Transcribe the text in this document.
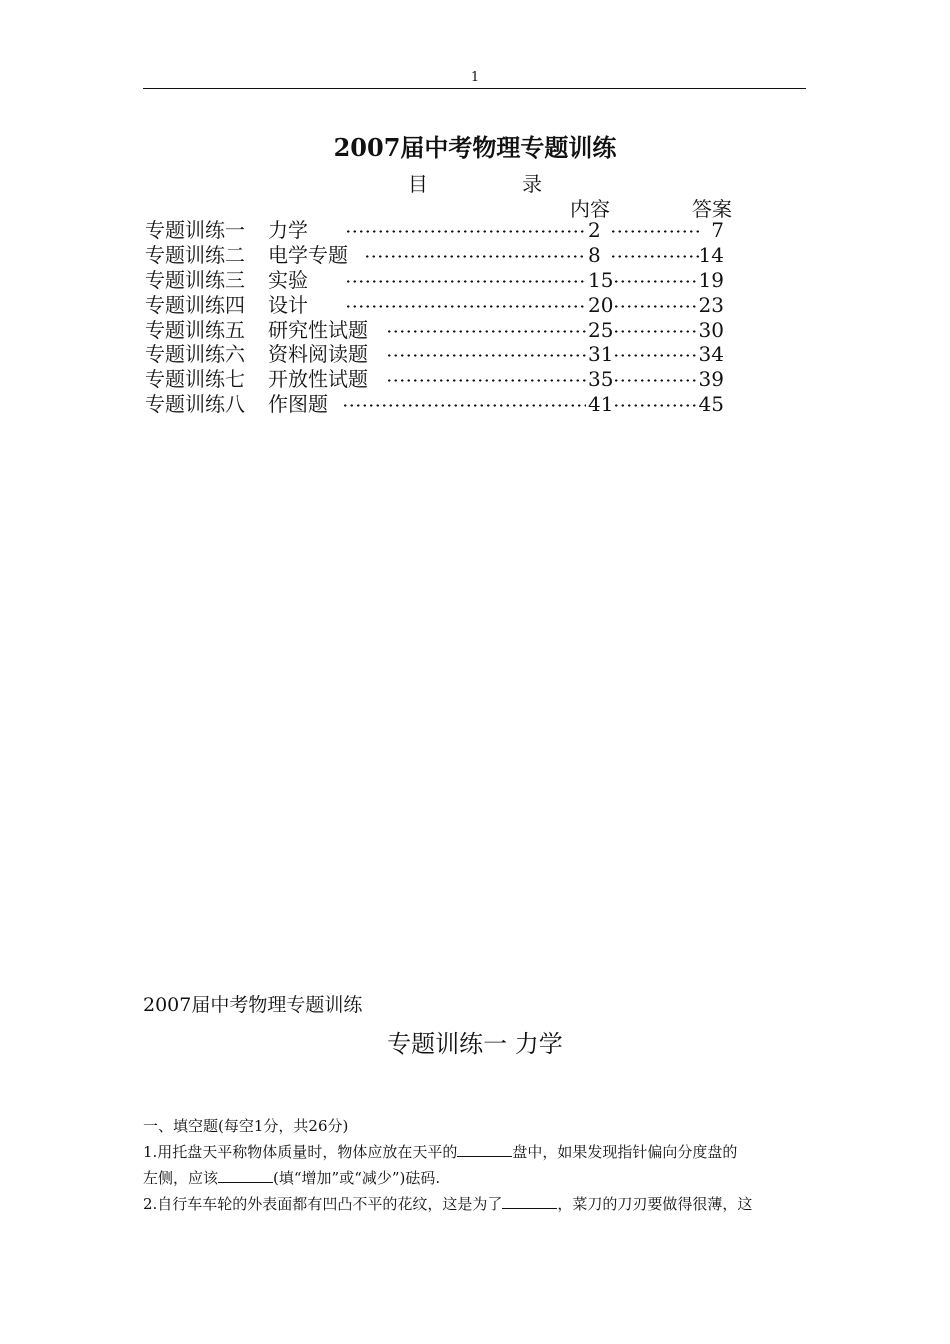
1
2007届中考物理专题训练
目 录
内容	答案
专题训练一 力学	2	7
专题训练二 电学专题	8	14
专题训练三 实验	15	19
专题训练四 设计	20	23
专题训练五 研究性试题	25	30
专题训练六 资料阅读题	31	34
专题训练七 开放性试题	35	39
专题训练八 作图题	41	45
2007届中考物理专题训练
专题训练一 力学
一、填空题(每空1分，共26分)
1.用托盘天平称物体质量时，物体应放在天平的	盘中，如果发现指针偏向分度盘的
左侧，应该	(填“增加”或“减少”)砝码.
2.自行车车轮的外表面都有凹凸不平的花纹，这是为了	，菜刀的刀刃要做得很薄，这
